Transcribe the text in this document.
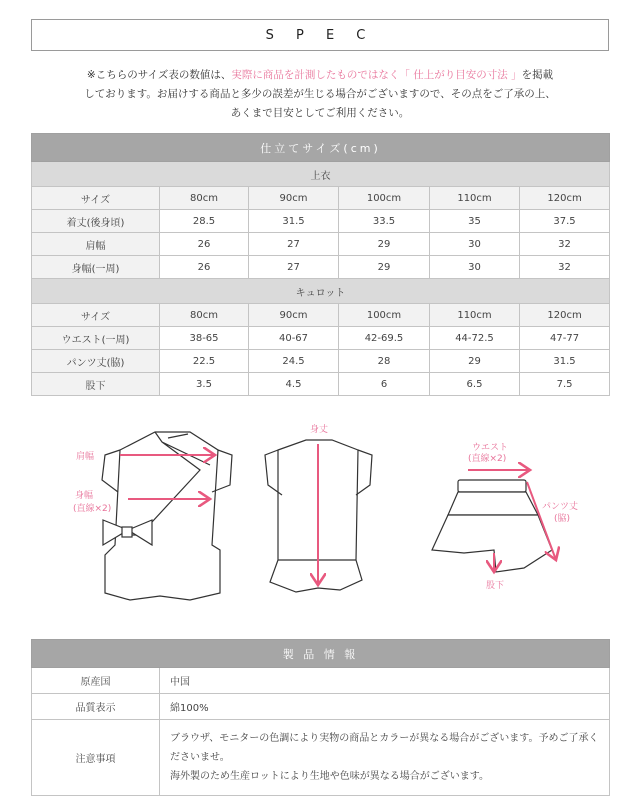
S P E C
※こちらのサイズ表の数値は、実際に商品を計測したものではなく「 仕上がり目安の寸法 」を掲載
しております。お届けする商品と多少の誤差が生じる場合がございますので、その点をご了承の上、
あくまで目安としてご利用ください。
仕立てサイズ(cm)					
上衣					
サイズ	80cm	90cm	100cm	110cm	120cm
着丈(後身頃)	28.5	31.5	33.5	35	37.5
肩幅	26	27	29	30	32
身幅(一周)	26	27	29	30	32
キュロット					
サイズ	80cm	90cm	100cm	110cm	120cm
ウエスト(一周)	38-65	40-67	42-69.5	44-72.5	47-77
パンツ丈(脇)	22.5	24.5	28	29	31.5
股下	3.5	4.5	6	6.5	7.5
肩幅
身幅
(直線×2)
身丈
ウエスト
(直線×2)
パンツ丈
(脇)
股下
製 品 情 報	
原産国	中国
品質表示	綿100%
注意事項	ブラウザ、モニターの色調により実物の商品とカラーが異なる場合がございます。予めご了承く
ださいませ。
海外製のため生産ロットにより生地や色味が異なる場合がございます。
